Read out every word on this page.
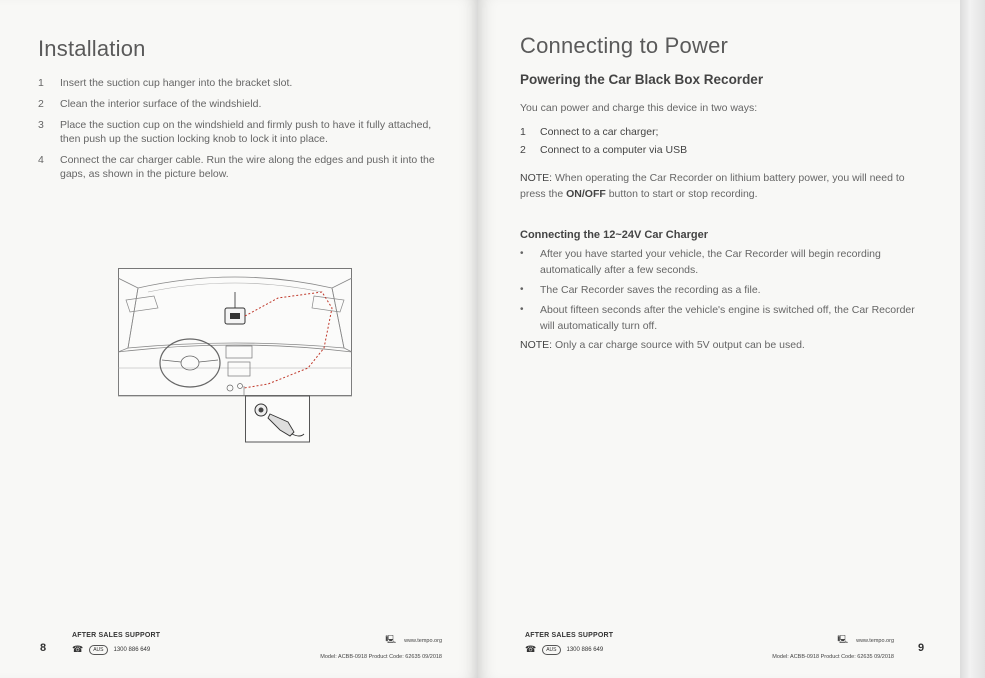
Installation
1	Insert the suction cup hanger into the bracket slot.
2	Clean the interior surface of the windshield.
3	Place the suction cup on the windshield and firmly push to have it fully attached, then push up the suction locking knob to lock it into place.
4	Connect the car charger cable. Run the wire along the edges and push it into the gaps, as shown in the picture below.
AFTER SALES SUPPORT
☎	AUS	1300 886 649
🖳 www.tempo.org
Model: ACBB-0918 Product Code: 62635 09/2018
8
Connecting to Power
Powering the Car Black Box Recorder

You can power and charge this device in two ways:

1	Connect to a car charger;
2	Connect to a computer via USB

NOTE: When operating the Car Recorder on lithium battery power, you will need to press the ON/OFF button to start or stop recording.

Connecting the 12~24V Car Charger
•	After you have started your vehicle, the Car Recorder will begin recording automatically after a few seconds.
•	The Car Recorder saves the recording as a file.
•	About fifteen seconds after the vehicle's engine is switched off, the Car Recorder will automatically turn off.

NOTE: Only a car charge source with 5V output can be used.

AFTER SALES SUPPORT
☎	AUS	1300 886 649
🖳 www.tempo.org
Model: ACBB-0918 Product Code: 62635 09/2018
9
